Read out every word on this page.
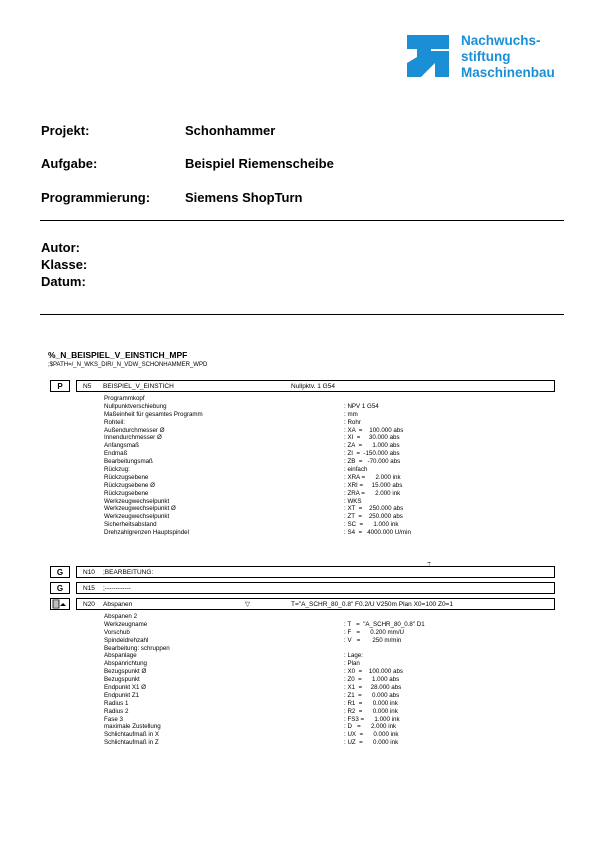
Nachwuchs-
stiftung
Maschinenbau
Projekt:	Schonhammer
Aufgabe:	Beispiel Riemenscheibe
Programmierung:	Siemens ShopTurn
Autor:
Klasse:
Datum:
%_N_BEISPIEL_V_EINSTICH_MPF
;$PATH=/_N_WKS_DIR/_N_VDW_SCHONHAMMER_WPD
P	N5 BEISPIEL_V_EINSTICH	Nullpktv. 1 G54
Programmkopf
Nullpunktverschiebung	: NPV 1 G54
Maßeinheit für gesamtes Programm	: mm
Rohteil:	: Rohr
Außendurchmesser Ø	: XA  =    100.000 abs
Innendurchmesser Ø	: XI  =     30.000 abs
Anfangsmaß	: ZA  =      1.000 abs
Endmaß	: ZI  =  -150.000 abs
Bearbeitungsmaß	: ZB  =   -70.000 abs
Rückzug:	: einfach
Rückzugsebene	: XRA =      2.000 ink
Rückzugsebene Ø	: XRI =     15.000 abs
Rückzugsebene	: ZRA =      2.000 ink
Werkzeugwechselpunkt	: WKS
Werkzeugwechselpunkt Ø	: XT  =    250.000 abs
Werkzeugwechselpunkt	: ZT  =    250.000 abs
Sicherheitsabstand	: SC  =      1.000 ink
Drehzahlgrenzen Hauptspindel	: S4  =   4000.000 U/min
G	N10 ;BEARBEITUNG:
⌶
G	N15 ;------------
N20 Abspanen	▽	T="A_SCHR_80_0.8" F0.2/U V250m Plan X0=100 Z0=1
Abspanen 2
Werkzeugname	: T   =  "A_SCHR_80_0.8" D1
Vorschub	: F   =      0.200 mm/U
Spindeldrehzahl	: V   =       250 m/min
Bearbeitung: schruppen
Abspanlage	: Lage:
Abspanrichtung	: Plan
Bezugspunkt Ø	: X0  =    100.000 abs
Bezugspunkt	: Z0  =      1.000 abs
Endpunkt X1 Ø	: X1  =     28.000 abs
Endpunkt Z1	: Z1  =      0.000 abs
Radius 1	: R1  =      0.000 ink
Radius 2	: R2  =      0.000 ink
Fase 3	: FS3 =      1.000 ink
maximale Zustellung	: D   =      2.000 ink
Schlichtaufmaß in X	: UX  =      0.000 ink
Schlichtaufmaß in Z	: UZ  =      0.000 ink
